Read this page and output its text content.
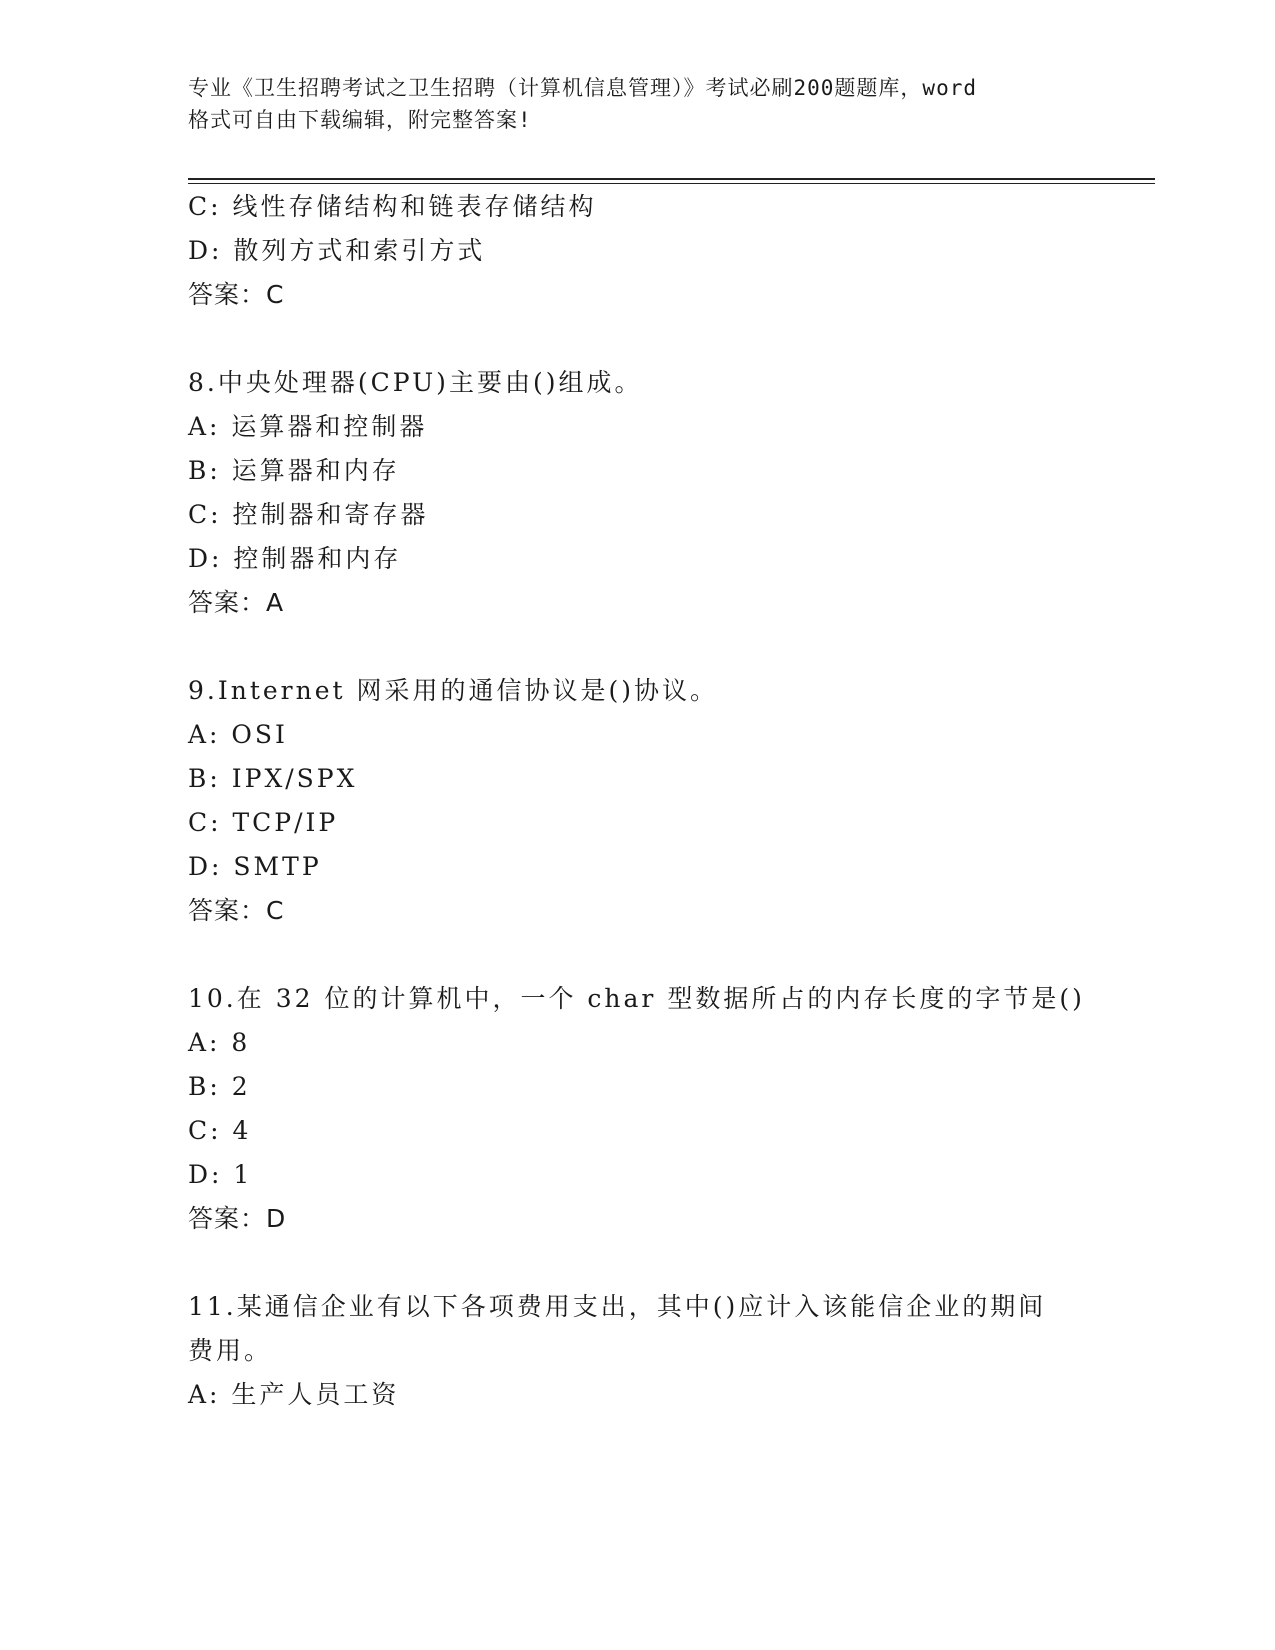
专业《卫生招聘考试之卫生招聘（计算机信息管理）》考试必刷200题题库，word
格式可自由下载编辑，附完整答案!
C: 线性存储结构和链表存储结构
D: 散列方式和索引方式
答案：C
8.中央处理器(CPU)主要由()组成。
A: 运算器和控制器
B: 运算器和内存
C: 控制器和寄存器
D: 控制器和内存
答案：A
9.Internet 网采用的通信协议是()协议。
A: OSI
B: IPX/SPX
C: TCP/IP
D: SMTP
答案：C
10.在 32 位的计算机中，一个 char 型数据所占的内存长度的字节是()
A: 8
B: 2
C: 4
D: 1
答案：D
11.某通信企业有以下各项费用支出，其中()应计入该能信企业的期间
费用。
A: 生产人员工资
